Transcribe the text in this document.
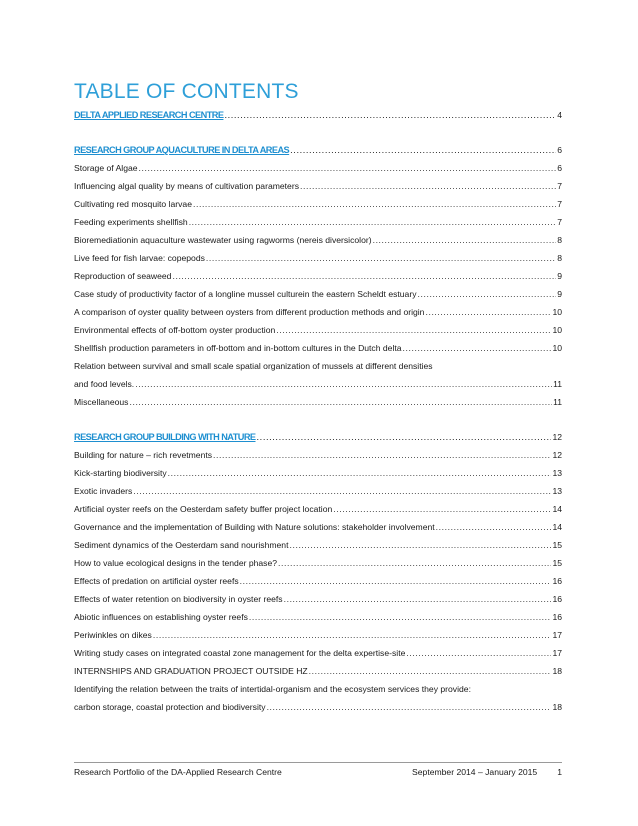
TABLE OF CONTENTS
DELTA APPLIED RESEARCH CENTRE .....	4
RESEARCH GROUP AQUACULTURE IN DELTA AREAS .....	6
Storage of Algae .....	6
Influencing algal quality by means of cultivation parameters .....	7
Cultivating red mosquito larvae .....	7
Feeding experiments shellfish .....	7
Bioremediationin aquaculture wastewater using ragworms (nereis diversicolor) .....	8
Live feed for fish larvae: copepods .....	8
Reproduction of seaweed .....	9
Case study of productivity factor of a longline mussel culturein the eastern Scheldt estuary .....	9
A comparison of oyster quality between oysters from different production methods and origin .....	10
Environmental effects of off-bottom oyster production .....	10
Shellfish production parameters in off-bottom and in-bottom cultures in the Dutch delta .....	10
Relation between survival and small scale spatial organization of mussels at different densities
and food levels. .....	11
Miscellaneous .....	11
RESEARCH GROUP BUILDING WITH NATURE .....	12
Building for nature – rich revetments .....	12
Kick-starting biodiversity .....	13
Exotic invaders .....	13
Artificial oyster reefs on the Oesterdam safety buffer project location .....	14
Governance and the implementation of Building with Nature solutions: stakeholder involvement .....	14
Sediment dynamics of the Oesterdam sand nourishment .....	15
How to value ecological designs in the tender phase? .....	15
Effects of predation on artificial oyster reefs .....	16
Effects of water retention on biodiversity in oyster reefs .....	16
Abiotic influences on establishing oyster reefs .....	16
Periwinkles on dikes .....	17
Writing study cases on integrated coastal zone management for the delta expertise-site .....	17
INTERNSHIPS AND GRADUATION PROJECT OUTSIDE HZ .....	18
Identifying the relation between the traits of intertidal-organism and the ecosystem services they provide:
carbon storage, coastal protection and biodiversity .....	18
Research Portfolio of the DA-Applied Research Centre	September 2014 – January 2015 1
